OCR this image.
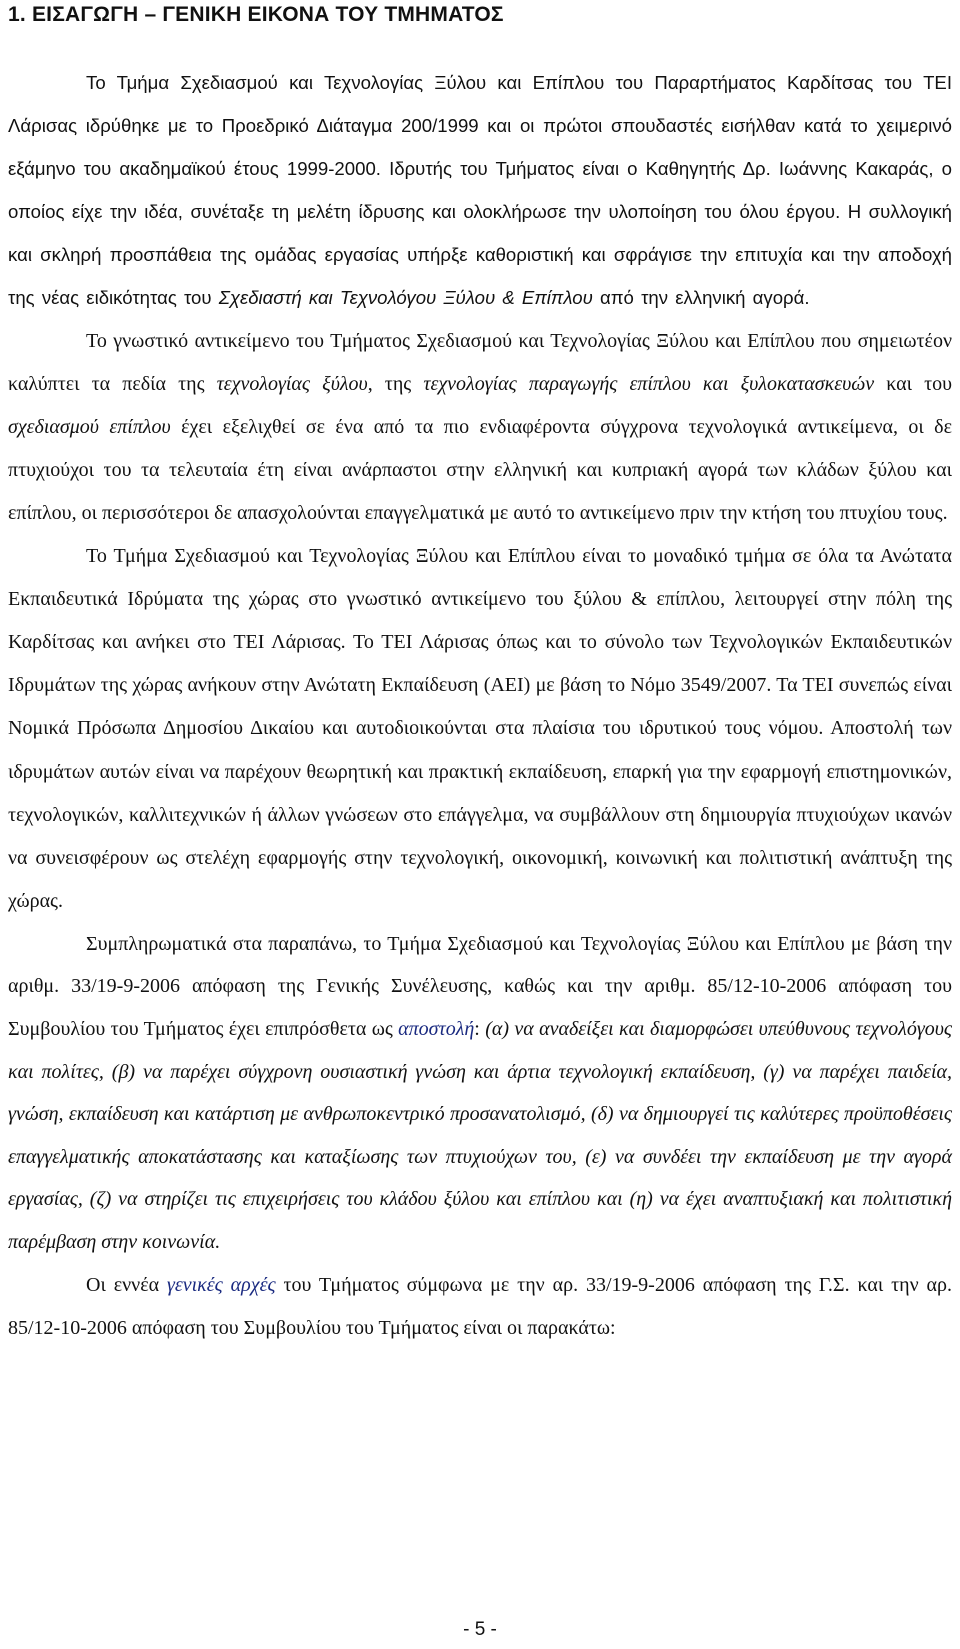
1. ΕΙΣΑΓΩΓΗ – ΓΕΝΙΚΗ ΕΙΚΟΝΑ ΤΟΥ ΤΜΗΜΑΤΟΣ

Το Τμήμα Σχεδιασμού και Τεχνολογίας Ξύλου και Επίπλου του Παραρτήματος Καρδίτσας του ΤΕΙ Λάρισας ιδρύθηκε με το Προεδρικό Διάταγμα 200/1999 και οι πρώτοι σπουδαστές εισήλθαν κατά το χειμερινό εξάμηνο του ακαδημαϊκού έτους 1999-2000. Ιδρυτής του Τμήματος είναι ο Καθηγητής Δρ. Ιωάννης Κακαράς, ο οποίος είχε την ιδέα, συνέταξε τη μελέτη ίδρυσης και ολοκλήρωσε την υλοποίηση του όλου έργου. Η συλλογική και σκληρή προσπάθεια της ομάδας εργασίας υπήρξε καθοριστική και σφράγισε την επιτυχία και την αποδοχή της νέας ειδικότητας του Σχεδιαστή και Τεχνολόγου Ξύλου & Επίπλου από την ελληνική αγορά.

Το γνωστικό αντικείμενο του Τμήματος Σχεδιασμού και Τεχνολογίας Ξύλου και Επίπλου που σημειωτέον καλύπτει τα πεδία της τεχνολογίας ξύλου, της τεχνολογίας παραγωγής επίπλου και ξυλοκατασκευών και του σχεδιασμού επίπλου έχει εξελιχθεί σε ένα από τα πιο ενδιαφέροντα σύγχρονα τεχνολογικά αντικείμενα, οι δε πτυχιούχοι του τα τελευταία έτη είναι ανάρπαστοι στην ελληνική και κυπριακή αγορά των κλάδων ξύλου και επίπλου, οι περισσότεροι δε απασχολούνται επαγγελματικά με αυτό το αντικείμενο πριν την κτήση του πτυχίου τους.

Το Τμήμα Σχεδιασμού και Τεχνολογίας Ξύλου και Επίπλου είναι το μοναδικό τμήμα σε όλα τα Ανώτατα Εκπαιδευτικά Ιδρύματα της χώρας στο γνωστικό αντικείμενο του ξύλου & επίπλου, λειτουργεί στην πόλη της Καρδίτσας και ανήκει στο ΤΕΙ Λάρισας. Το ΤΕΙ Λάρισας όπως και το σύνολο των Τεχνολογικών Εκπαιδευτικών Ιδρυμάτων της χώρας ανήκουν στην Ανώτατη Εκπαίδευση (ΑΕΙ) με βάση το Νόμο 3549/2007. Τα ΤΕΙ συνεπώς είναι Νομικά Πρόσωπα Δημοσίου Δικαίου και αυτοδιοικούνται στα πλαίσια του ιδρυτικού τους νόμου. Αποστολή των ιδρυμάτων αυτών είναι να παρέχουν θεωρητική και πρακτική εκπαίδευση, επαρκή για την εφαρμογή επιστημονικών, τεχνολογικών, καλλιτεχνικών ή άλλων γνώσεων στο επάγγελμα, να συμβάλλουν στη δημιουργία πτυχιούχων ικανών να συνεισφέρουν ως στελέχη εφαρμογής στην τεχνολογική, οικονομική, κοινωνική και πολιτιστική ανάπτυξη της χώρας.

Συμπληρωματικά στα παραπάνω, το Τμήμα Σχεδιασμού και Τεχνολογίας Ξύλου και Επίπλου με βάση την αριθμ. 33/19-9-2006 απόφαση της Γενικής Συνέλευσης, καθώς και την αριθμ. 85/12-10-2006 απόφαση του Συμβουλίου του Τμήματος έχει επιπρόσθετα ως αποστολή: (α) να αναδείξει και διαμορφώσει υπεύθυνους τεχνολόγους και πολίτες, (β) να παρέχει σύγχρονη ουσιαστική γνώση και άρτια τεχνολογική εκπαίδευση, (γ) να παρέχει παιδεία, γνώση, εκπαίδευση και κατάρτιση με ανθρωποκεντρικό προσανατολισμό, (δ) να δημιουργεί τις καλύτερες προϋποθέσεις επαγγελματικής αποκατάστασης και καταξίωσης των πτυχιούχων του, (ε) να συνδέει την εκπαίδευση με την αγορά εργασίας, (ζ) να στηρίζει τις επιχειρήσεις του κλάδου ξύλου και επίπλου και (η) να έχει αναπτυξιακή και πολιτιστική παρέμβαση στην κοινωνία.

Οι εννέα γενικές αρχές του Τμήματος σύμφωνα με την αρ. 33/19-9-2006 απόφαση της Γ.Σ. και την αρ. 85/12-10-2006 απόφαση του Συμβουλίου του Τμήματος είναι οι παρακάτω:

- 5 -
